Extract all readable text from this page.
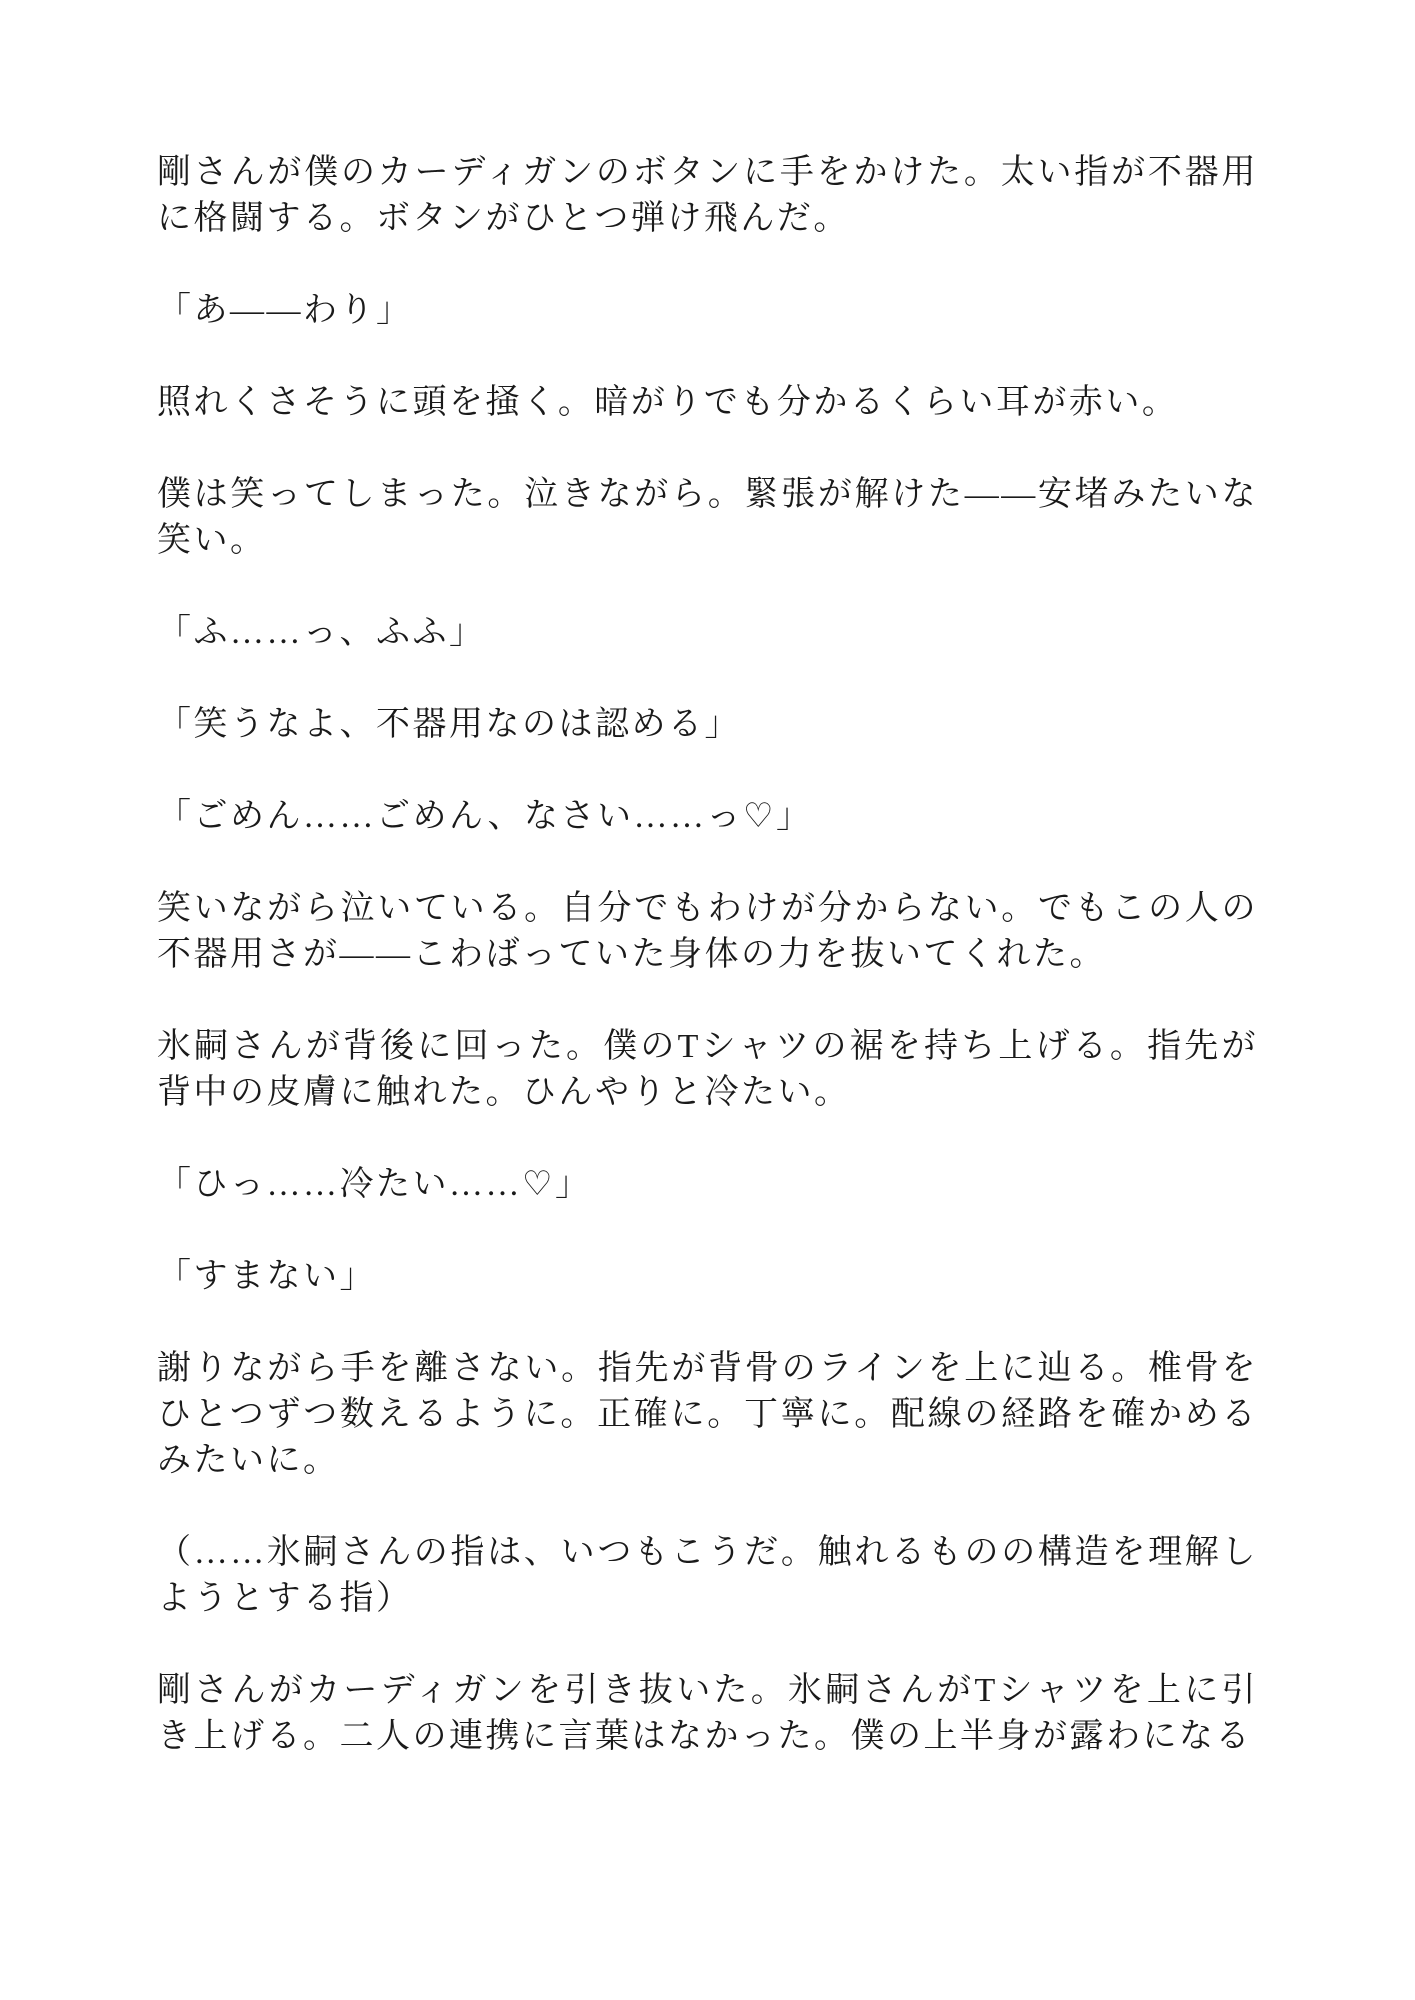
剛さんが僕のカーディガンのボタンに手をかけた。太い指が不器用に格闘する。ボタンがひとつ弾け飛んだ。

「あ——わり」

照れくさそうに頭を掻く。暗がりでも分かるくらい耳が赤い。

僕は笑ってしまった。泣きながら。緊張が解けた——安堵みたいな笑い。

「ふ……っ、ふふ」

「笑うなよ、不器用なのは認める」

「ごめん……ごめん、なさい……っ♡」

笑いながら泣いている。自分でもわけが分からない。でもこの人の不器用さが——こわばっていた身体の力を抜いてくれた。

氷嗣さんが背後に回った。僕のTシャツの裾を持ち上げる。指先が背中の皮膚に触れた。ひんやりと冷たい。

「ひっ……冷たい……♡」

「すまない」

謝りながら手を離さない。指先が背骨のラインを上に辿る。椎骨をひとつずつ数えるように。正確に。丁寧に。配線の経路を確かめるみたいに。

（……氷嗣さんの指は、いつもこうだ。触れるものの構造を理解しようとする指）

剛さんがカーディガンを引き抜いた。氷嗣さんがTシャツを上に引き上げる。二人の連携に言葉はなかった。僕の上半身が露わになる
